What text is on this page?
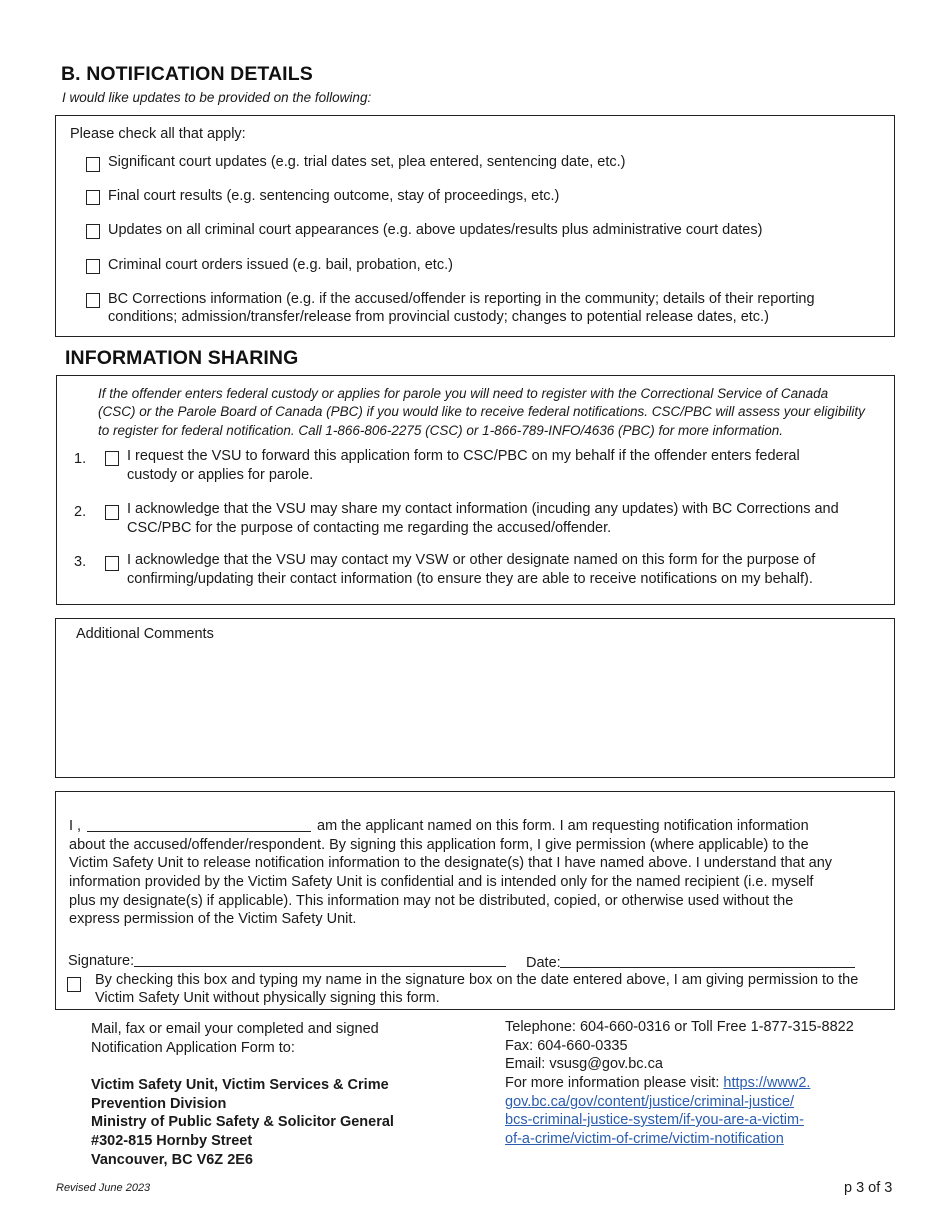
B. NOTIFICATION DETAILS
I would like updates to be provided on the following:
Please check all that apply:
Significant court updates (e.g. trial dates set, plea entered, sentencing date, etc.)
Final court results (e.g. sentencing outcome, stay of proceedings, etc.)
Updates on all criminal court appearances (e.g. above updates/results plus administrative court dates)
Criminal court orders issued (e.g. bail, probation, etc.)
BC Corrections information (e.g. if the accused/offender is reporting in the community; details of their reporting
conditions; admission/transfer/release from provincial custody; changes to potential release dates, etc.)
INFORMATION SHARING
If the offender enters federal custody or applies for parole you will need to register with the Correctional Service of Canada
(CSC) or the Parole Board of Canada (PBC) if you would like to receive federal notifications. CSC/PBC will assess your eligibility
to register for federal notification. Call 1-866-806-2275 (CSC) or 1-866-789-INFO/4636 (PBC) for more information.
1.	I request the VSU to forward this application form to CSC/PBC on my behalf if the offender enters federal
custody or applies for parole.
2.	I acknowledge that the VSU may share my contact information (incuding any updates) with BC Corrections and
CSC/PBC for the purpose of contacting me regarding the accused/offender.
3.	I acknowledge that the VSU may contact my VSW or other designate named on this form for the purpose of
confirming/updating their contact information (to ensure they are able to receive notifications on my behalf).
Additional Comments
I ,	am the applicant named on this form. I am requesting notification information
about the accused/offender/respondent. By signing this application form, I give permission (where applicable) to the
Victim Safety Unit to release notification information to the designate(s) that I have named above. I understand that any
information provided by the Victim Safety Unit is confidential and is intended only for the named recipient (i.e. myself
plus my designate(s) if applicable). This information may not be distributed, copied, or otherwise used without the
express permission of the Victim Safety Unit.
Signature:	Date:
By checking this box and typing my name in the signature box on the date entered above, I am giving permission to the
Victim Safety Unit without physically signing this form.
Mail, fax or email your completed and signed
Notification Application Form to:
Victim Safety Unit, Victim Services & Crime
Prevention Division
Ministry of Public Safety & Solicitor General
#302-815 Hornby Street
Vancouver, BC V6Z 2E6
Telephone: 604-660-0316 or Toll Free 1-877-315-8822
Fax: 604-660-0335
Email: vsusg@gov.bc.ca
For more information please visit: https://www2.
gov.bc.ca/gov/content/justice/criminal-justice/
bcs-criminal-justice-system/if-you-are-a-victim-
of-a-crime/victim-of-crime/victim-notification
Revised June 2023	p 3 of 3
